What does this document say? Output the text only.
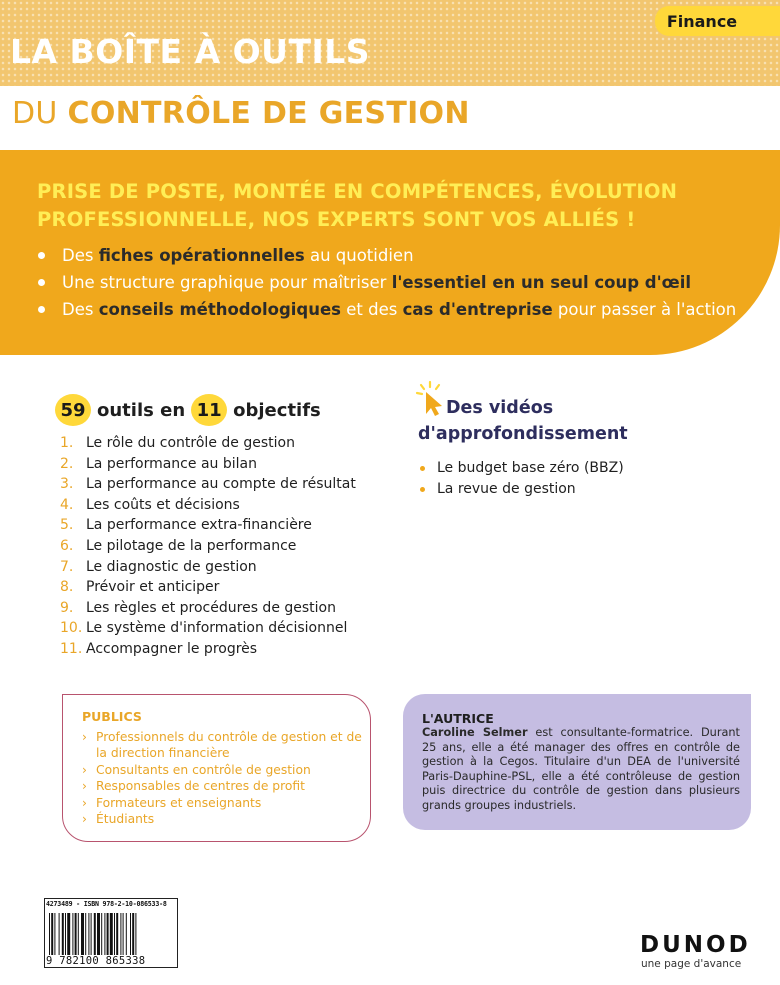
LA BOÎTE À OUTILS
Finance
DU CONTRÔLE DE GESTION
PRISE DE POSTE, MONTÉE EN COMPÉTENCES, ÉVOLUTION PROFESSIONNELLE, NOS EXPERTS SONT VOS ALLIÉS !
Des fiches opérationnelles au quotidien
Une structure graphique pour maîtriser l'essentiel en un seul coup d'œil
Des conseils méthodologiques et des cas d'entreprise pour passer à l'action
59 outils en 11 objectifs
1. Le rôle du contrôle de gestion
2. La performance au bilan
3. La performance au compte de résultat
4. Les coûts et décisions
5. La performance extra-financière
6. Le pilotage de la performance
7. Le diagnostic de gestion
8. Prévoir et anticiper
9. Les règles et procédures de gestion
10. Le système d'information décisionnel
11. Accompagner le progrès
Des vidéos
d'approfondissement
Le budget base zéro (BBZ)
La revue de gestion
PUBLICS
› Professionnels du contrôle de gestion et de la direction financière
› Consultants en contrôle de gestion
› Responsables de centres de profit
› Formateurs et enseignants
› Étudiants
L'AUTRICE
Caroline Selmer est consultante-formatrice. Durant 25 ans, elle a été manager des offres en contrôle de gestion à la Cegos. Titulaire d'un DEA de l'université Paris-Dauphine-PSL, elle a été contrôleuse de gestion puis directrice du contrôle de gestion dans plusieurs grands groupes industriels.
4273489 - ISBN 978-2-10-086533-8
9 782100 865338
DUNOD
une page d'avance
